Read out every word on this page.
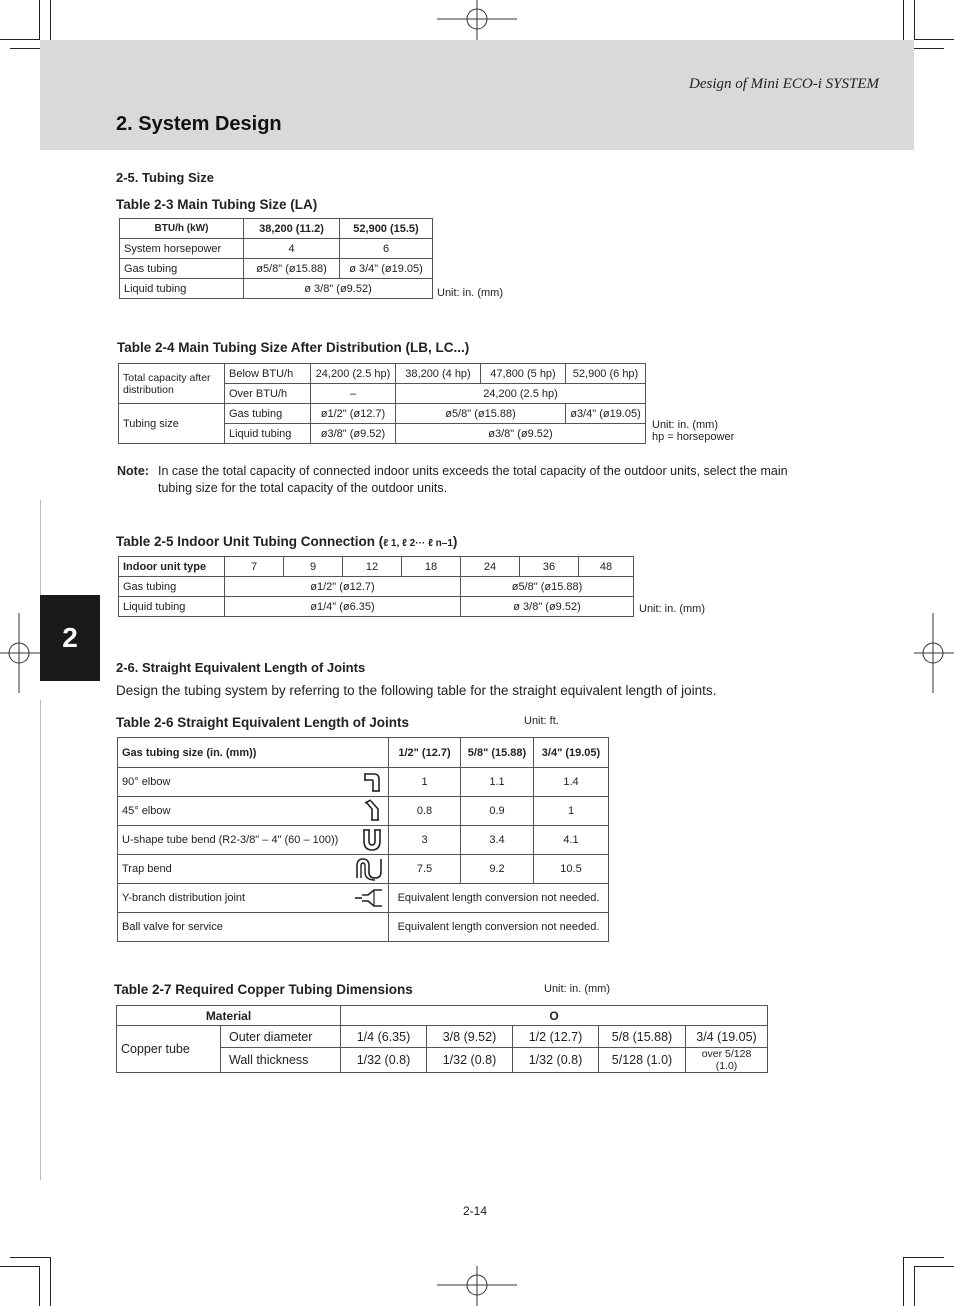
Design of Mini ECO-i SYSTEM
2. System Design
2
2-5. Tubing Size
Table 2-3 Main Tubing Size (LA)
BTU/h (kW)	38,200 (11.2)	52,900 (15.5)
System horsepower	4	6
Gas tubing	ø5/8" (ø15.88)	ø 3/4" (ø19.05)
Liquid tubing	ø 3/8" (ø9.52)		Unit: in. (mm)
Table 2-4 Main Tubing Size After Distribution (LB, LC...)
Total capacity after distribution	Below BTU/h	24,200 (2.5 hp)	38,200 (4 hp)	47,800 (5 hp)	52,900 (6 hp)
	Over BTU/h	–	24,200 (2.5 hp)		
Tubing size	Gas tubing	ø1/2" (ø12.7)	ø5/8" (ø15.88)		ø3/4" (ø19.05)
	Liquid tubing	ø3/8" (ø9.52)	ø3/8" (ø9.52)		
Unit: in. (mm)
hp = horsepower
Note: In case the total capacity of connected indoor units exceeds the total capacity of the outdoor units, select the main tubing size for the total capacity of the outdoor units.
Table 2-5 Indoor Unit Tubing Connection (ℓ 1, ℓ 2··· ℓ n–1)
Indoor unit type	7	9	12	18	24	36	48
Gas tubing	ø1/2" (ø12.7)				ø5/8" (ø15.88)		
Liquid tubing	ø1/4" (ø6.35)				ø 3/8" (ø9.52)			Unit: in. (mm)
2-6. Straight Equivalent Length of Joints
Design the tubing system by referring to the following table for the straight equivalent length of joints.
Table 2-6 Straight Equivalent Length of Joints	Unit: ft.
Gas tubing size (in. (mm))	1/2" (12.7)	5/8" (15.88)	3/4" (19.05)

90° elbow	1	1.1	1.4

45° elbow	0.8	0.9	1

U-shape tube bend (R2-3/8" – 4" (60 – 100))	3	3.4	4.1

Trap bend	7.5	9.2	10.5

Y-branch distribution joint	Equivalent length conversion not needed.		
Ball valve for service	Equivalent length conversion not needed.		
Table 2-7 Required Copper Tubing Dimensions	Unit: in. (mm)
Material		O				
Copper tube	Outer diameter	1/4 (6.35)	3/8 (9.52)	1/2 (12.7)	5/8 (15.88)	3/4 (19.05)
	Wall thickness	1/32 (0.8)	1/32 (0.8)	1/32 (0.8)	5/128 (1.0)	over 5/128 (1.0)
2-14
